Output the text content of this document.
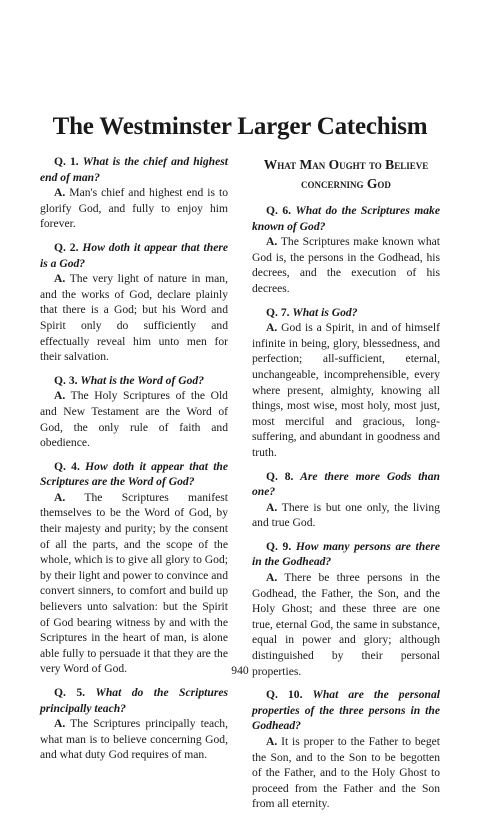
The Westminster Larger Catechism

Q. 1. What is the chief and highest end of man?

A. Man's chief and highest end is to glorify God, and fully to enjoy him forever.

Q. 2. How doth it appear that there is a God?

A. The very light of nature in man, and the works of God, declare plainly that there is a God; but his Word and Spirit only do sufficiently and effectually reveal him unto men for their salvation.

Q. 3. What is the Word of God?

A. The Holy Scriptures of the Old and New Testament are the Word of God, the only rule of faith and obedience.

Q. 4. How doth it appear that the Scriptures are the Word of God?

A. The Scriptures manifest themselves to be the Word of God, by their majesty and purity; by the consent of all the parts, and the scope of the whole, which is to give all glory to God; by their light and power to convince and convert sinners, to comfort and build up believers unto salvation: but the Spirit of God bearing witness by and with the Scriptures in the heart of man, is alone able fully to persuade it that they are the very Word of God.

Q. 5. What do the Scriptures principally teach?

A. The Scriptures principally teach, what man is to believe concerning God, and what duty God requires of man.

What Man Ought to Believe
concerning God

Q. 6. What do the Scriptures make known of God?

A. The Scriptures make known what God is, the persons in the Godhead, his decrees, and the execution of his decrees.

Q. 7. What is God?

A. God is a Spirit, in and of himself infinite in being, glory, blessedness, and perfection; all-sufficient, eternal, unchangeable, incomprehensible, every where present, almighty, knowing all things, most wise, most holy, most just, most merciful and gracious, long-suffering, and abundant in goodness and truth.

Q. 8. Are there more Gods than one?

A. There is but one only, the living and true God.

Q. 9. How many persons are there in the Godhead?

A. There be three persons in the Godhead, the Father, the Son, and the Holy Ghost; and these three are one true, eternal God, the same in substance, equal in power and glory; although distinguished by their personal properties.

Q. 10. What are the personal properties of the three persons in the Godhead?

A. It is proper to the Father to beget the Son, and to the Son to be begotten of the Father, and to the Holy Ghost to proceed from the Father and the Son from all eternity.

940
